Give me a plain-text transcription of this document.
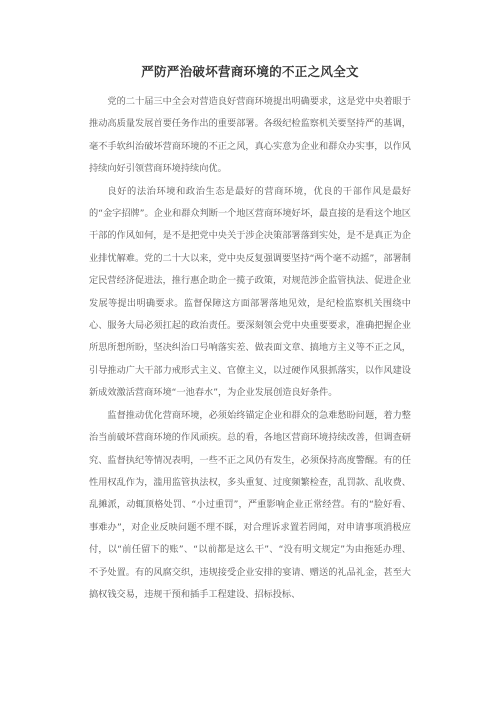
严防严治破坏营商环境的不正之风全文

党的二十届三中全会对营造良好营商环境提出明确要求，这是党中央着眼于推动高质量发展首要任务作出的重要部署。各级纪检监察机关要坚持严的基调，毫不手软纠治破坏营商环境的不正之风，真心实意为企业和群众办实事，以作风持续向好引领营商环境持续向优。

良好的法治环境和政治生态是最好的营商环境，优良的干部作风是最好的“金字招牌”。企业和群众判断一个地区营商环境好坏，最直接的是看这个地区干部的作风如何，是不是把党中央关于涉企决策部署落到实处，是不是真正为企业排忧解难。党的二十大以来，党中央反复强调要坚持“两个毫不动摇”，部署制定民营经济促进法，推行惠企助企一揽子政策，对规范涉企监管执法、促进企业发展等提出明确要求。监督保障这方面部署落地见效，是纪检监察机关围绕中心、服务大局必须扛起的政治责任。要深刻领会党中央重要要求，准确把握企业所思所想所盼，坚决纠治口号响落实差、做表面文章、搞地方主义等不正之风，引导推动广大干部力戒形式主义、官僚主义，以过硬作风狠抓落实，以作风建设新成效激活营商环境“一池春水”，为企业发展创造良好条件。

监督推动优化营商环境，必须始终锚定企业和群众的急难愁盼问题，着力整治当前破坏营商环境的作风顽疾。总的看，各地区营商环境持续改善，但调查研究、监督执纪等情况表明，一些不正之风仍有发生，必须保持高度警醒。有的任性用权乱作为，滥用监管执法权，多头重复、过度频繁检查，乱罚款、乱收费、乱摊派，动辄顶格处罚、“小过重罚”，严重影响企业正常经营。有的“脸好看、事难办”，对企业反映问题不理不睬，对合理诉求置若罔闻，对申请事项消极应付，以“前任留下的账”、“以前都是这么干”、“没有明文规定”为由拖延办理、不予处置。有的风腐交织，违规接受企业安排的宴请、赠送的礼品礼金，甚至大搞权钱交易，违规干预和插手工程建设、招标投标、
